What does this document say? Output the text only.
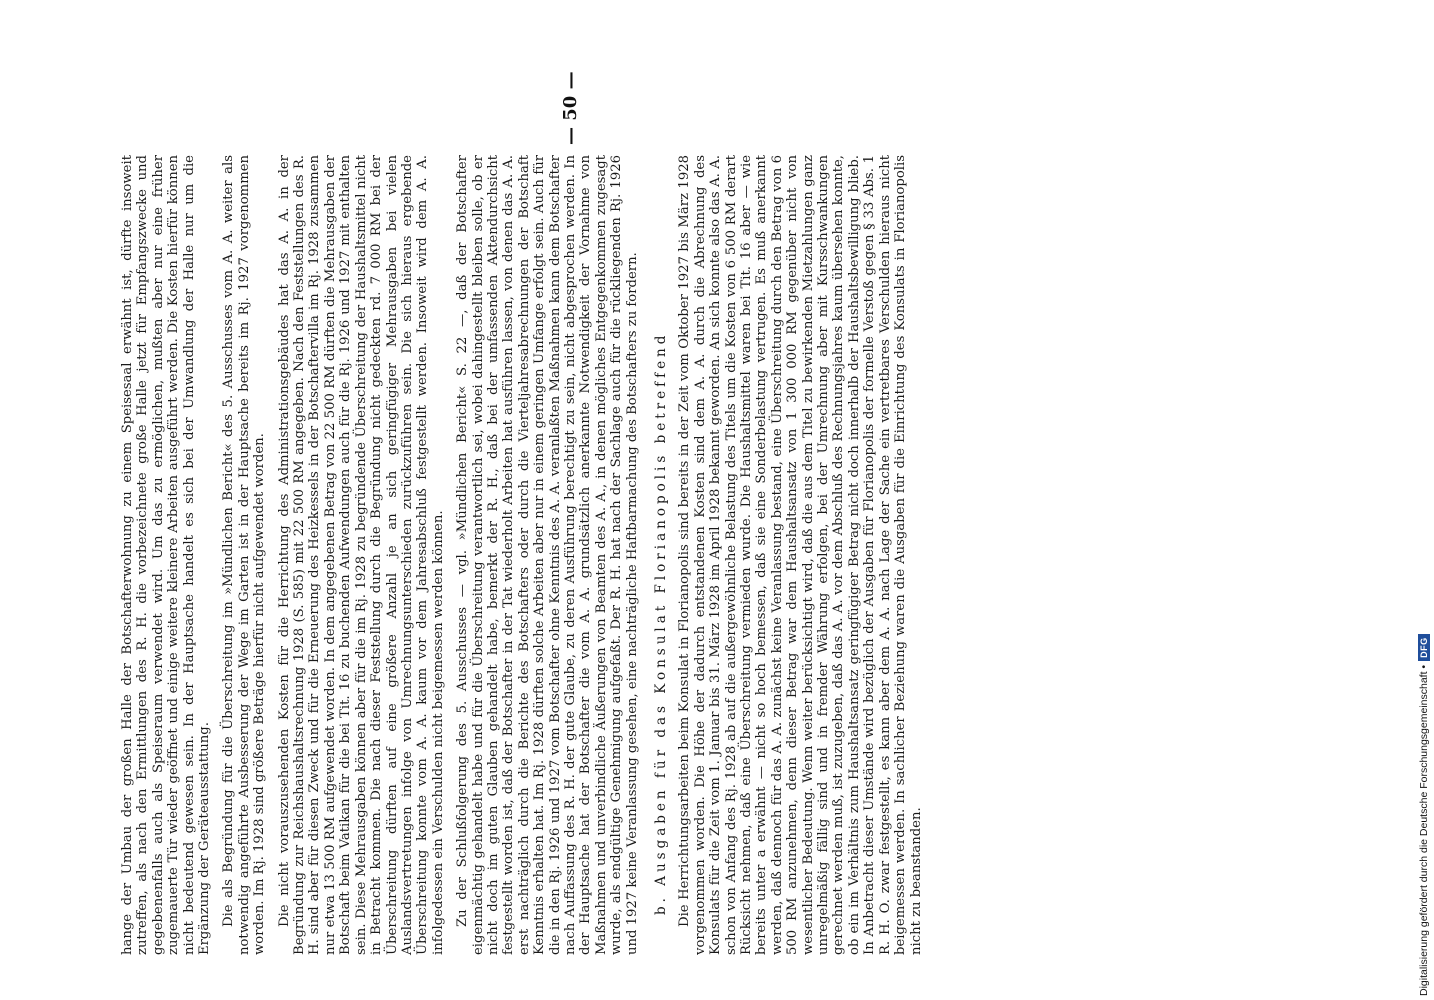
— 50 —

hange der Umbau der großen Halle der Botschafterwohnung zu einem Speisesaal erwähnt ist, dürfte insoweit zutreffen, als nach den Ermittlungen des R. H. die vorbezeichnete große Halle jetzt für Empfangszwecke und gegebenenfalls auch als Speiseraum verwendet wird. Um das zu ermöglichen, mußten aber nur eine früher zugemauerte Tür wieder geöffnet und einige weitere kleinere Arbeiten ausgeführt werden. Die Kosten hierfür können nicht bedeutend gewesen sein. In der Hauptsache handelt es sich bei der Umwandlung der Halle nur um die Ergänzung der Geräteausstattung. Die als Begründung für die Überschreitung im »Mündlichen Bericht« des 5. Ausschusses vom A. A. weiter als notwendig angeführte Ausbesserung der Wege im Garten ist in der Hauptsache bereits im Rj. 1927 vorgenommen worden. Im Rj. 1928 sind größere Beträge hierfür nicht aufgewendet worden. Die nicht vorauszusehenden Kosten für die Herrichtung des Administrationsgebäudes hat das A. A. in der Begründung zur Reichshaushaltsrechnung 1928 (S. 585) mit 22 500 RM angegeben. Nach den Feststellungen des R. H. sind aber für diesen Zweck und für die Erneuerung des Heizkessels in der Botschaftervilla im Rj. 1928 zusammen nur etwa 13 500 RM aufgewendet worden. In dem angegebenen Betrag von 22 500 RM dürften die Mehrausgaben der Botschaft beim Vatikan für die bei Tit. 16 zu buchenden Aufwendungen auch für die Rj. 1926 und 1927 mit enthalten sein. Diese Mehrausgaben können aber für die im Rj. 1928 zu begründende Überschreitung der Haushaltsmittel nicht in Betracht kommen. Die nach dieser Feststellung durch die Begründung nicht gedeckten rd. 7 000 RM bei der Überschreitung dürften auf eine größere Anzahl je an sich geringfügiger Mehrausgaben bei vielen Auslandsvertretungen infolge von Umrechnungsunterschieden zurückzuführen sein. Die sich hieraus ergebende Überschreitung konnte vom A. A. kaum vor dem Jahresabschluß festgestellt werden. Insoweit wird dem A. A. infolgedessen ein Verschulden nicht beigemessen werden können. Zu der Schlußfolgerung des 5. Ausschusses — vgl. »Mündlichen Bericht« S. 22 —, daß der Botschafter eigenmächtig gehandelt habe und für die Überschreitung verantwortlich sei, wobei dahingestellt bleiben solle, ob er nicht doch im guten Glauben gehandelt habe, bemerkt der R. H., daß bei der umfassenden Aktendurchsicht festgestellt worden ist, daß der Botschafter in der Tat wiederholt Arbeiten hat ausführen lassen, von denen das A. A. erst nachträglich durch die Berichte des Botschafters oder durch die Vierteljahresabrechnungen der Botschaft Kenntnis erhalten hat. Im Rj. 1928 dürften solche Arbeiten aber nur in einem geringen Umfange erfolgt sein. Auch für die in den Rj. 1926 und 1927 vom Botschafter ohne Kenntnis des A. A. veranlaßten Maßnahmen kann dem Botschafter nach Auffassung des R. H. der gute Glaube, zu deren Ausführung berechtigt zu sein, nicht abgesprochen werden. In der Hauptsache hat der Botschafter die vom A. A. grundsätzlich anerkannte Notwendigkeit der Vornahme von Maßnahmen und unverbindliche Äußerungen von Beamten des A. A., in denen mögliches Entgegenkommen zugesagt wurde, als endgültige Genehmigung aufgefaßt. Der R. H. hat nach der Sachlage auch für die rückliegenden Rj. 1926 und 1927 keine Veranlassung gesehen, eine nachträgliche Haftbarmachung des Botschafters zu fordern. b. Ausgaben für das Konsulat Florianopolis betreffend Die Herrichtungsarbeiten beim Konsulat in Florianopolis sind bereits in der Zeit vom Oktober 1927 bis März 1928 vorgenommen worden. Die Höhe der dadurch entstandenen Kosten sind dem A. A. durch die Abrechnung des Konsulats für die Zeit vom 1. Januar bis 31. März 1928 im April 1928 bekannt geworden. An sich konnte also das A. A. schon von Anfang des Rj. 1928 ab auf die außergewöhnliche Belastung des Titels um die Kosten von 6 500 RM derart Rücksicht nehmen, daß eine Überschreitung vermieden wurde. Die Haushaltsmittel waren bei Tit. 16 aber — wie bereits unter a erwähnt — nicht so hoch bemessen, daß sie eine Sonderbelastung vertrugen. Es muß anerkannt werden, daß dennoch für das A. A. zunächst keine Veranlassung bestand, eine Überschreitung durch den Betrag von 6 500 RM anzunehmen, denn dieser Betrag war dem Haushaltsansatz von 1 300 000 RM gegenüber nicht von wesentlicher Bedeutung. Wenn weiter berücksichtigt wird, daß die aus dem Titel zu bewirkenden Mietzahlungen ganz unregelmäßig fällig sind und in fremder Währung erfolgen, bei der Umrechnung aber mit Kursschwankungen gerechnet werden muß, ist zuzugeben, daß das A. A. vor dem Abschluß des Rechnungsjahres kaum übersehen konnte, ob ein im Verhältnis zum Haushaltsansatz geringfügiger Betrag nicht doch innerhalb der Haushaltsbewilligung blieb. In Anbetracht dieser Umstände wird bezüglich der Ausgaben für Florianopolis der formelle Verstoß gegen § 33 Abs. 1 R. H. O. zwar festgestellt, es kann aber dem A. A. nach Lage der Sache ein vertretbares Verschulden hieraus nicht beigemessen werden. In sachlicher Beziehung waren die Ausgaben für die Einrichtung des Konsulats in Florianopolis nicht zu beanstanden.	Digitalisierung gefördert durch die Deutsche Forschungsgemeinschaft •
DFG
